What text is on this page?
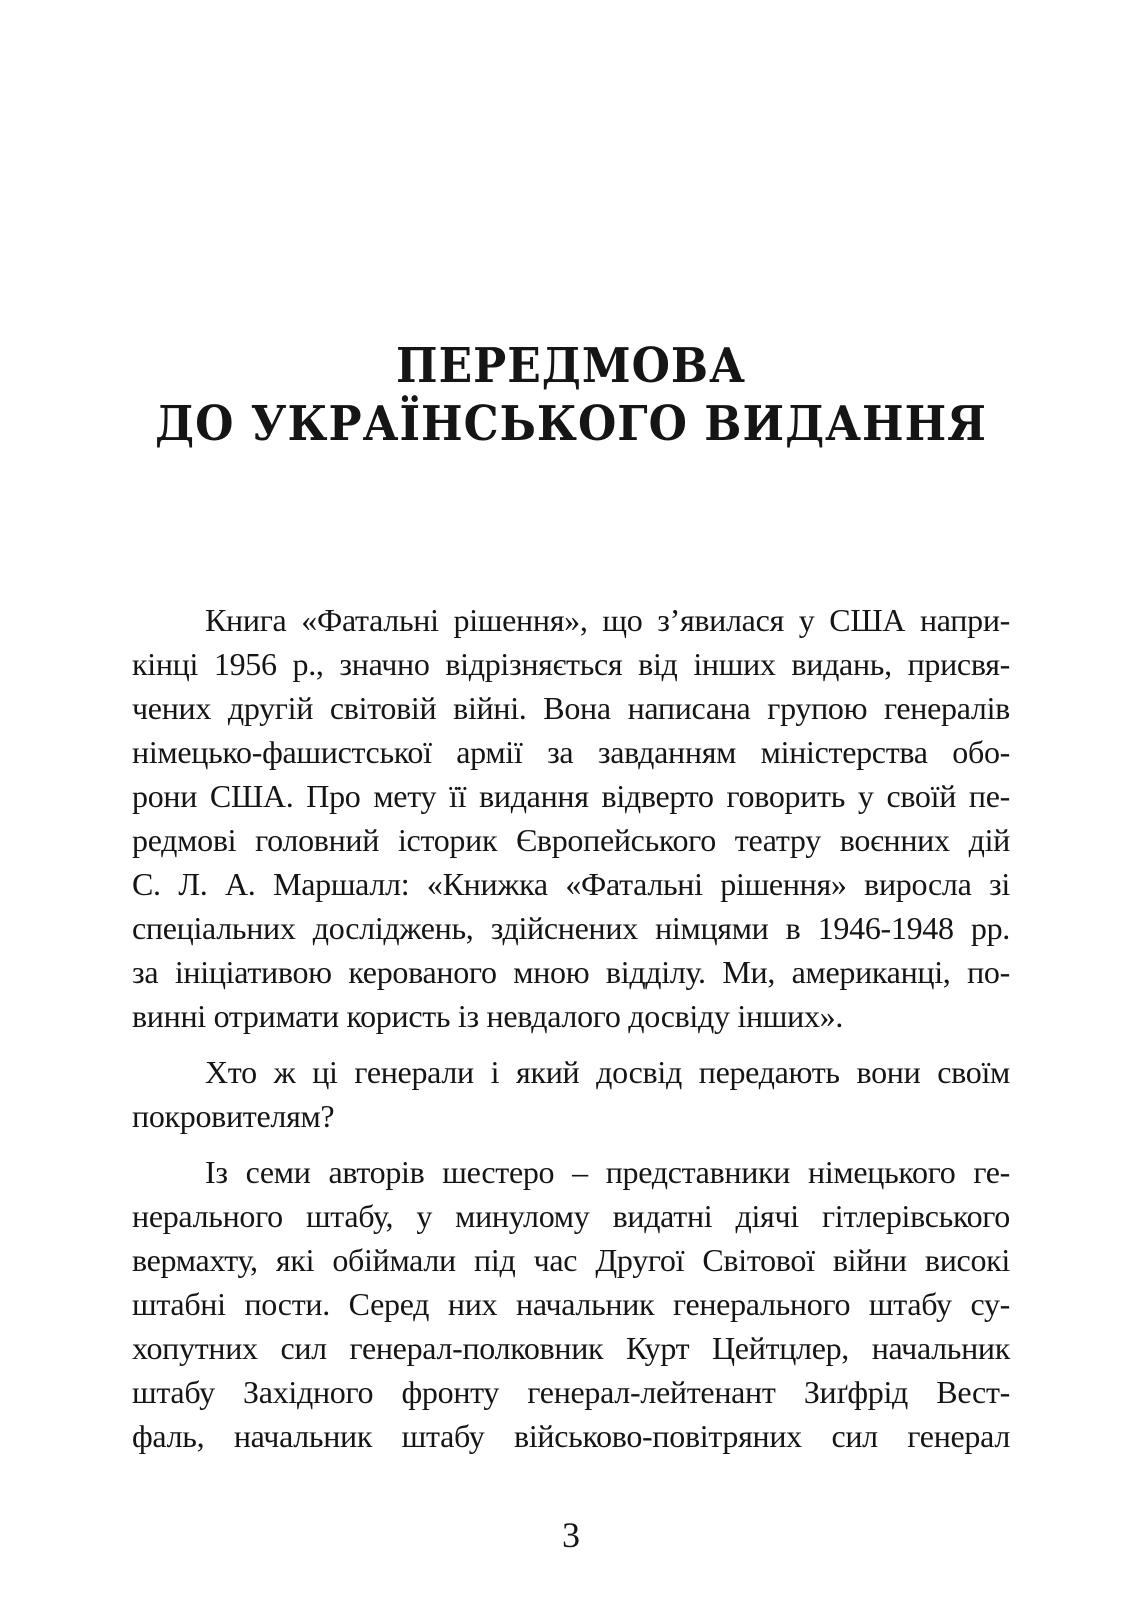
ПЕРЕДМОВА
ДО УКРАЇНСЬКОГО ВИДАННЯ
Книга «Фатальні рішення», що з’явилася у США напри-
кінці 1956 р., значно відрізняється від інших видань, присвя-
чених другій світовій війні. Вона написана групою генералів
німецько-фашистської армії за завданням міністерства обо-
рони США. Про мету її видання відверто говорить у своїй пе-
редмові головний історик Європейського театру воєнних дій
С. Л. А. Маршалл: «Книжка «Фатальні рішення» виросла зі
спеціальних досліджень, здійснених німцями в 1946-1948 рр.
за ініціативою керованого мною відділу. Ми, американці, по-
винні отримати користь із невдалого досвіду інших».
Хто ж ці генерали і який досвід передають вони своїм
покровителям?
Із семи авторів шестеро – представники німецького ге-
нерального штабу, у минулому видатні діячі гітлерівського
вермахту, які обіймали під час Другої Світової війни високі
штабні пости. Серед них начальник генерального штабу су-
хопутних сил генерал-полковник Курт Цейтцлер, начальник
штабу Західного фронту генерал-лейтенант Зиґфрід Вест-
фаль, начальник штабу військово-повітряних сил генерал
3
